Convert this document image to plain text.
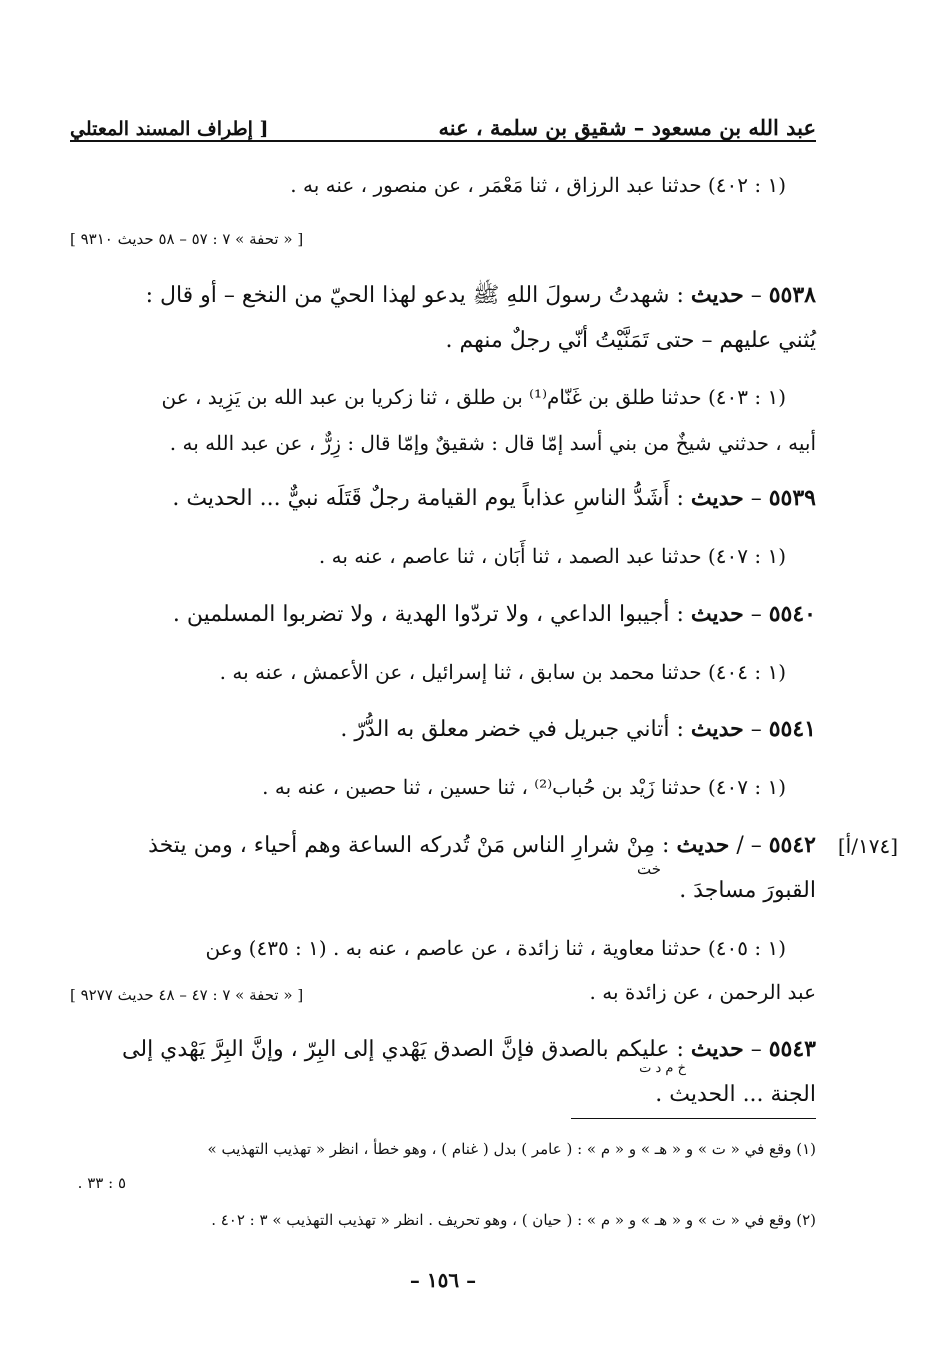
عبد الله بن مسعود – شقيق بن سلمة ، عنه
[ إطراف المسند المعتلي
(١ : ٤٠٢) حدثنا عبد الرزاق ، ثنا مَعْمَر ، عن منصور ، عنه به .
[ « تحفة » ٧ : ٥٧ – ٥٨ حديث ٩٣١٠ ]
٥٥٣٨ – حديث : شهدتُ رسولَ اللهِ ﷺ يدعو لهذا الحيّ من النخع – أو قال :
يُثني عليهم – حتى تَمَنَّيْتُ أنّي رجلٌ منهم .
(١ : ٤٠٣) حدثنا طلق بن غَنّام⁽¹⁾ بن طلق ، ثنا زكريا بن عبد الله بن يَزِيد ، عن
أبيه ، حدثني شيخٌ من بني أسد إمّا قال : شقيقٌ وإمّا قال : زِرٌّ ، عن عبد الله به .
٥٥٣٩ – حديث : أَشَدُّ الناسِ عذاباً يوم القيامة رجلٌ قَتَلَه نبيٌّ ... الحديث .
(١ : ٤٠٧) حدثنا عبد الصمد ، ثنا أَبَان ، ثنا عاصم ، عنه به .
٥٥٤٠ – حديث : أجيبوا الداعي ، ولا تردّوا الهدية ، ولا تضربوا المسلمين .
(١ : ٤٠٤) حدثنا محمد بن سابق ، ثنا إسرائيل ، عن الأعمش ، عنه به .
٥٥٤١ – حديث : أتاني جبريل في خضر معلق به الدُّرّ .
(١ : ٤٠٧) حدثنا زَيْد بن حُباب⁽²⁾ ، ثنا حسين ، ثنا حصين ، عنه به .
[١٧٤/أ]
٥٥٤٢ – / حديث : مِنْ شرارِ الناس مَنْ تُدركه الساعة وهم أحياء ، ومن يتخذ
خت
القبورَ مساجدَ .
(١ : ٤٠٥) حدثنا معاوية ، ثنا زائدة ، عن عاصم ، عنه به . (١ : ٤٣٥) وعن
عبد الرحمن ، عن زائدة به .
[ « تحفة » ٧ : ٤٧ – ٤٨ حديث ٩٢٧٧ ]
٥٥٤٣ – حديث : عليكم بالصدق فإنَّ الصدق يَهْدي إلى البِرّ ، وإنَّ البِرَّ يَهْدي إلى
خ م د ت
الجنة ... الحديث .
(١) وقع في « ت » و « هـ » و « م » : ( عامر ) بدل ( غنام ) ، وهو خطأ ، انظر « تهذيب التهذيب »
٥ : ٣٣ .
(٢) وقع في « ت » و « هـ » و « م » : ( حيان ) ، وهو تحريف . انظر « تهذيب التهذيب » ٣ : ٤٠٢ .
– ١٥٦ –
